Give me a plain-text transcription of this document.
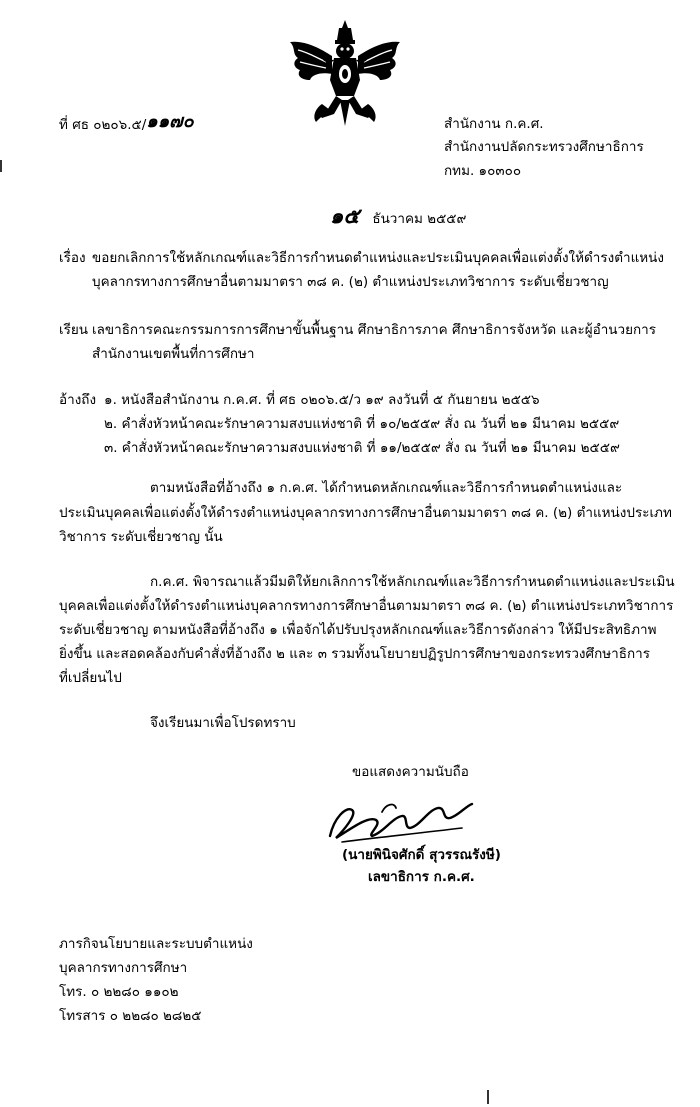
ที่ ศธ ๐๒๐๖.๕/๑๑๗๐	สำนักงาน ก.ค.ศ.
สำนักงานปลัดกระทรวงศึกษาธิการ
กทม. ๑๐๓๐๐
๑๕ ธันวาคม ๒๕๕๙
เรื่อง ขอยกเลิกการใช้หลักเกณฑ์และวิธีการกำหนดตำแหน่งและประเมินบุคคลเพื่อแต่งตั้งให้ดำรงตำแหน่ง
บุคลากรทางการศึกษาอื่นตามมาตรา ๓๘ ค. (๒) ตำแหน่งประเภทวิชาการ ระดับเชี่ยวชาญ
เรียน เลขาธิการคณะกรรมการการศึกษาขั้นพื้นฐาน ศึกษาธิการภาค ศึกษาธิการจังหวัด และผู้อำนวยการ
สำนักงานเขตพื้นที่การศึกษา
อ้างถึง ๑. หนังสือสำนักงาน ก.ค.ศ. ที่ ศธ ๐๒๐๖.๕/ว ๑๙ ลงวันที่ ๕ กันยายน ๒๕๕๖
๒. คำสั่งหัวหน้าคณะรักษาความสงบแห่งชาติ ที่ ๑๐/๒๕๕๙ สั่ง ณ วันที่ ๒๑ มีนาคม ๒๕๕๙
๓. คำสั่งหัวหน้าคณะรักษาความสงบแห่งชาติ ที่ ๑๑/๒๕๕๙ สั่ง ณ วันที่ ๒๑ มีนาคม ๒๕๕๙
ตามหนังสือที่อ้างถึง ๑ ก.ค.ศ. ได้กำหนดหลักเกณฑ์และวิธีการกำหนดตำแหน่งและ
ประเมินบุคคลเพื่อแต่งตั้งให้ดำรงตำแหน่งบุคลากรทางการศึกษาอื่นตามมาตรา ๓๘ ค. (๒) ตำแหน่งประเภท
วิชาการ ระดับเชี่ยวชาญ นั้น
ก.ค.ศ. พิจารณาแล้วมีมติให้ยกเลิกการใช้หลักเกณฑ์และวิธีการกำหนดตำแหน่งและประเมิน
บุคคลเพื่อแต่งตั้งให้ดำรงตำแหน่งบุคลากรทางการศึกษาอื่นตามมาตรา ๓๘ ค. (๒) ตำแหน่งประเภทวิชาการ
ระดับเชี่ยวชาญ ตามหนังสือที่อ้างถึง ๑ เพื่อจักได้ปรับปรุงหลักเกณฑ์และวิธีการดังกล่าว ให้มีประสิทธิภาพ
ยิ่งขึ้น และสอดคล้องกับคำสั่งที่อ้างถึง ๒ และ ๓ รวมทั้งนโยบายปฏิรูปการศึกษาของกระทรวงศึกษาธิการ
ที่เปลี่ยนไป
จึงเรียนมาเพื่อโปรดทราบ
ขอแสดงความนับถือ
(นายพินิจศักดิ์ สุวรรณรังษี)
เลขาธิการ ก.ค.ศ.
ภารกิจนโยบายและระบบตำแหน่ง
บุคลากรทางการศึกษา
โทร. ๐ ๒๒๘๐ ๑๑๐๒
โทรสาร ๐ ๒๒๘๐ ๒๘๒๕
